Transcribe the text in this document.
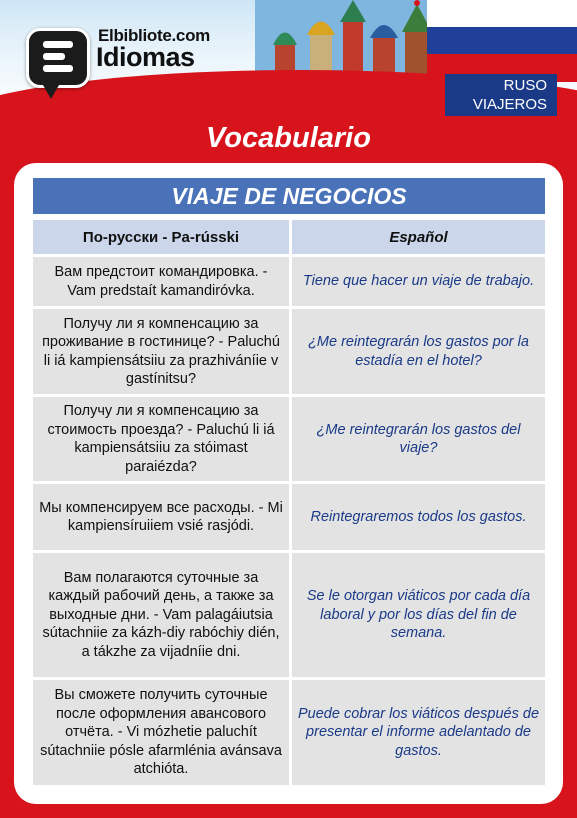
Elbibliote.com
Idiomas
RUSO
VIAJEROS
Vocabulario
VIAJE DE NEGOCIOS
По-русски - Pa-rússki	Español
Вам предстоит командировка. - Vam predstaít kamandiróvka.	Tiene que hacer un viaje de trabajo.
Получу ли я компенсацию за проживание в гостинице? - Paluchú li iá kampiensátsiiu za prazhiváníie v gastínitsu?	¿Me reintegrarán los gastos por la estadía en el hotel?
Получу ли я компенсацию за стоимость проезда? - Paluchú li iá kampiensátsiiu za stóimast paraiézda?	¿Me reintegrarán los gastos del viaje?
Мы компенсируем все расходы. - Mi kampiensíruiiem vsié rasjódi.	Reintegraremos todos los gastos.
Вам полагаются суточные за каждый рабочий день, а также за выходные дни. - Vam palagáiutsia sútachniie za kázh-diy rabóchiy dién, a tákzhe za vijadníie dni.	Se le otorgan viáticos por cada día laboral y por los días del fin de semana.
Вы сможете получить суточные после оформления авансового отчёта. - Vi mózhetie paluchít sútachniie pósle afarmlénia avánsava atchióta.	Puede cobrar los viáticos después de presentar el informe adelantado de gastos.
